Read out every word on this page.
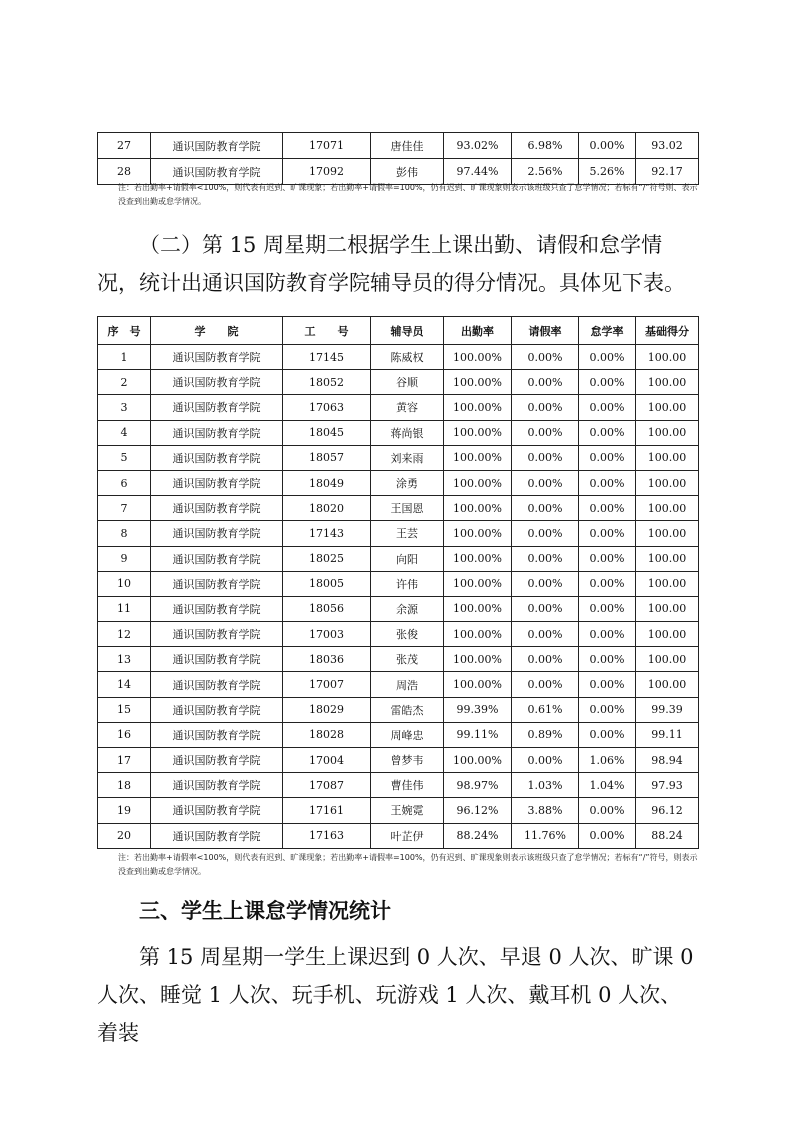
27	通识国防教育学院	17071	唐佳佳	93.02%	6.98%	0.00%	93.02
28	通识国防教育学院	17092	彭伟	97.44%	2.56%	5.26%	92.17
注：若出勤率+请假率<100%，则代表有迟到、旷课现象；若出勤率+请假率=100%，仍有迟到、旷课现象则表示该班级只查了怠学情况；若标有“/”符号则、表示没查到出勤或怠学情况。
（二）第 15 周星期二根据学生上课出勤、请假和怠学情况，统计出通识国防教育学院辅导员的得分情况。具体见下表。
序　号	学　　院	工　　号	辅导员	出勤率	请假率	怠学率	基础得分
1	通识国防教育学院	17145	陈威权	100.00%	0.00%	0.00%	100.00
2	通识国防教育学院	18052	谷顺	100.00%	0.00%	0.00%	100.00
3	通识国防教育学院	17063	黄容	100.00%	0.00%	0.00%	100.00
4	通识国防教育学院	18045	蒋尚银	100.00%	0.00%	0.00%	100.00
5	通识国防教育学院	18057	刘来雨	100.00%	0.00%	0.00%	100.00
6	通识国防教育学院	18049	涂勇	100.00%	0.00%	0.00%	100.00
7	通识国防教育学院	18020	王国恩	100.00%	0.00%	0.00%	100.00
8	通识国防教育学院	17143	王芸	100.00%	0.00%	0.00%	100.00
9	通识国防教育学院	18025	向阳	100.00%	0.00%	0.00%	100.00
10	通识国防教育学院	18005	许伟	100.00%	0.00%	0.00%	100.00
11	通识国防教育学院	18056	余源	100.00%	0.00%	0.00%	100.00
12	通识国防教育学院	17003	张俊	100.00%	0.00%	0.00%	100.00
13	通识国防教育学院	18036	张茂	100.00%	0.00%	0.00%	100.00
14	通识国防教育学院	17007	周浩	100.00%	0.00%	0.00%	100.00
15	通识国防教育学院	18029	雷皓杰	99.39%	0.61%	0.00%	99.39
16	通识国防教育学院	18028	周峰忠	99.11%	0.89%	0.00%	99.11
17	通识国防教育学院	17004	曾梦韦	100.00%	0.00%	1.06%	98.94
18	通识国防教育学院	17087	曹佳伟	98.97%	1.03%	1.04%	97.93
19	通识国防教育学院	17161	王婉霓	96.12%	3.88%	0.00%	96.12
20	通识国防教育学院	17163	叶芷伊	88.24%	11.76%	0.00%	88.24
注：若出勤率+请假率<100%，则代表有迟到、旷课现象；若出勤率+请假率=100%，仍有迟到、旷课现象则表示该班级只查了怠学情况；若标有“/”符号，则表示没查到出勤或怠学情况。
三、学生上课怠学情况统计
第 15 周星期一学生上课迟到 0 人次、早退 0 人次、旷课 0 人次、睡觉 1 人次、玩手机、玩游戏 1 人次、戴耳机 0 人次、着装
